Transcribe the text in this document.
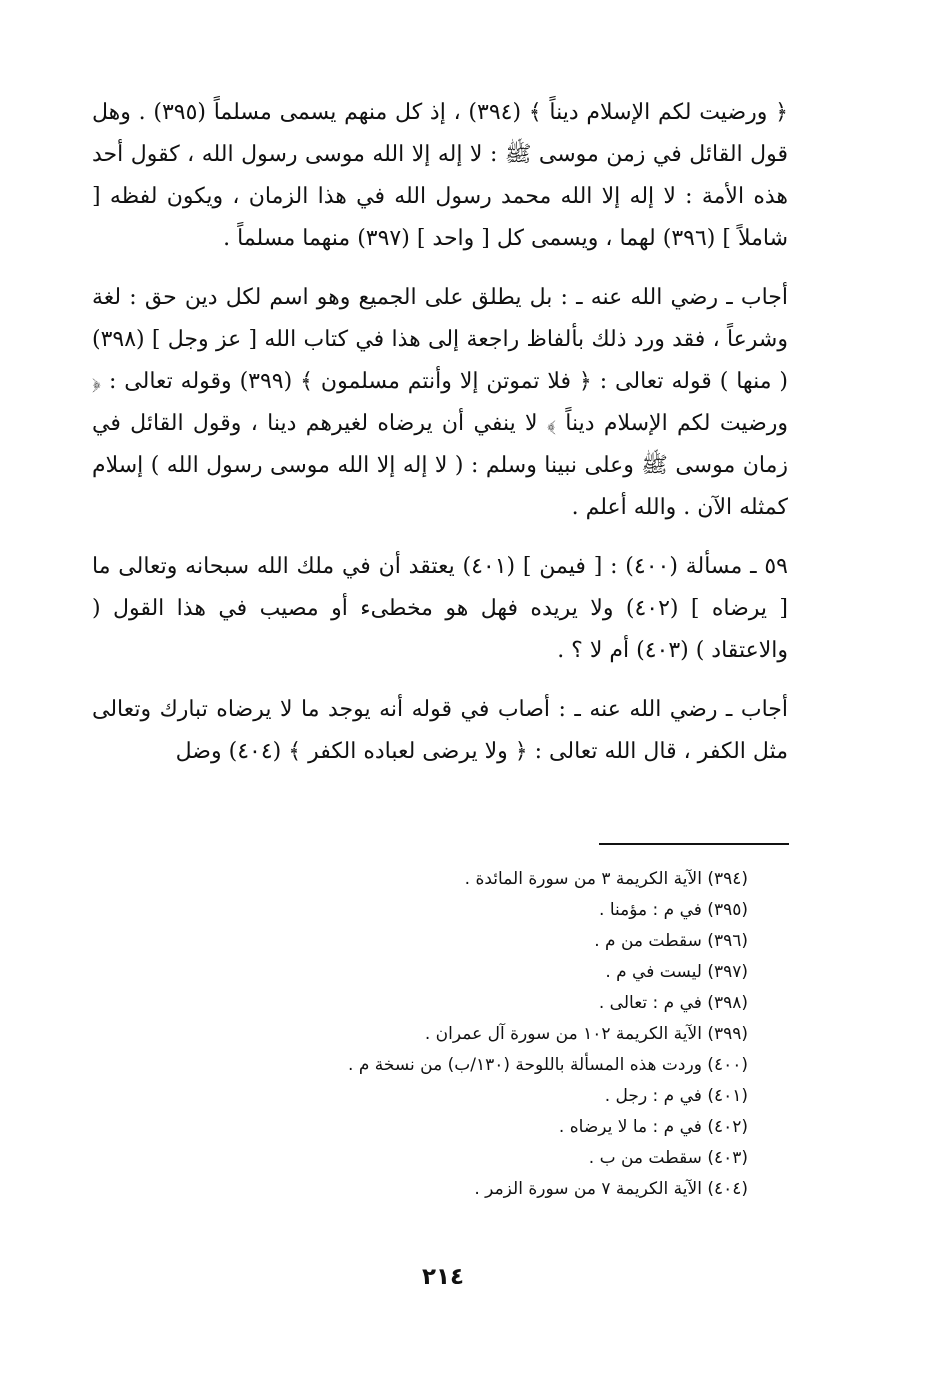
﴿ ورضيت لكم الإسلام ديناً ﴾ (٣٩٤) ، إذ كل منهم يسمى مسلماً (٣٩٥) . وهل قول القائل في زمن موسى ﷺ : لا إله إلا الله موسى رسول الله ، كقول أحد هذه الأمة : لا إله إلا الله محمد رسول الله في هذا الزمان ، ويكون لفظه [ شاملاً ] (٣٩٦) لهما ، ويسمى كل [ واحد ] (٣٩٧) منهما مسلماً .

أجاب ـ رضي الله عنه ـ : بل يطلق على الجميع وهو اسم لكل دين حق : لغة وشرعاً ، فقد ورد ذلك بألفاظ راجعة إلى هذا في كتاب الله [ عز وجل ] (٣٩٨) ( منها ) قوله تعالى : ﴿ فلا تموتن إلا وأنتم مسلمون ﴾ (٣٩٩) وقوله تعالى : ﴿ ورضيت لكم الإسلام ديناً ﴾ لا ينفي أن يرضاه لغيرهم دينا ، وقول القائل في زمان موسى ﷺ وعلى نبينا وسلم : ( لا إله إلا الله موسى رسول الله ) إسلام كمثله الآن . والله أعلم .

٥٩ ـ مسألة (٤٠٠) : [ فيمن ] (٤٠١) يعتقد أن في ملك الله سبحانه وتعالى ما [ يرضاه ] (٤٠٢) ولا يريده فهل هو مخطىء أو مصيب في هذا القول ( والاعتقاد ) (٤٠٣) أم لا ؟ .

أجاب ـ رضي الله عنه ـ : أصاب في قوله أنه يوجد ما لا يرضاه تبارك وتعالى مثل الكفر ، قال الله تعالى : ﴿ ولا يرضى لعباده الكفر ﴾ (٤٠٤) وضل

(٣٩٤) الآية الكريمة ٣ من سورة المائدة .
(٣٩٥) في م : مؤمنا .
(٣٩٦) سقطت من م .
(٣٩٧) ليست في م .
(٣٩٨) في م : تعالى .
(٣٩٩) الآية الكريمة ١٠٢ من سورة آل عمران .
(٤٠٠) وردت هذه المسألة باللوحة (١٣٠/ب) من نسخة م .
(٤٠١) في م : رجل .
(٤٠٢) في م : ما لا يرضاه .
(٤٠٣) سقطت من ب .
(٤٠٤) الآية الكريمة ٧ من سورة الزمر .
٢١٤
